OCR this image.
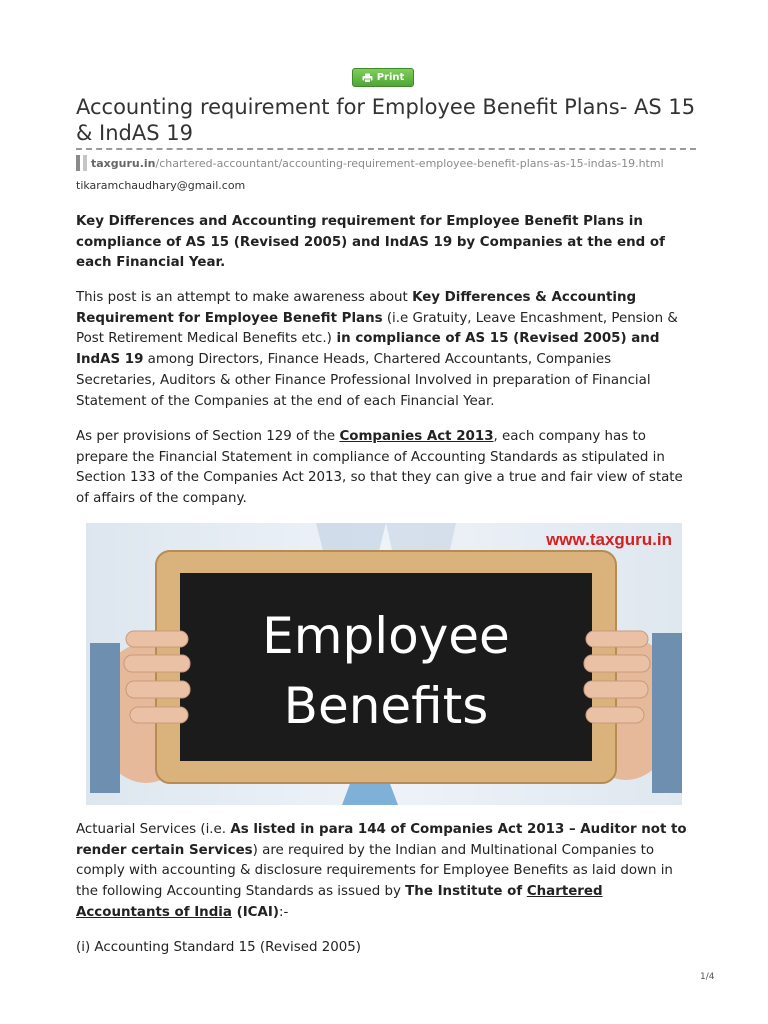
Print
Accounting requirement for Employee Benefit Plans- AS 15 & IndAS 19
taxguru.in /chartered-accountant/accounting-requirement-employee-benefit-plans-as-15-indas-19.html
tikaramchaudhary@gmail.com

Key Differences and Accounting requirement for Employee Benefit Plans in compliance of AS 15 (Revised 2005) and IndAS 19 by Companies at the end of each Financial Year.

This post is an attempt to make awareness about Key Differences & Accounting Requirement for Employee Benefit Plans (i.e Gratuity, Leave Encashment, Pension & Post Retirement Medical Benefits etc.) in compliance of AS 15 (Revised 2005) and IndAS 19 among Directors, Finance Heads, Chartered Accountants, Companies Secretaries, Auditors & other Finance Professional Involved in preparation of Financial Statement of the Companies at the end of each Financial Year.

As per provisions of Section 129 of the Companies Act 2013, each company has to prepare the Financial Statement in compliance of Accounting Standards as stipulated in Section 133 of the Companies Act 2013, so that they can give a true and fair view of state of affairs of the company.

www.taxguru.in
Employee
Benefits

Actuarial Services (i.e. As listed in para 144 of Companies Act 2013 – Auditor not to render certain Services) are required by the Indian and Multinational Companies to comply with accounting & disclosure requirements for Employee Benefits as laid down in the following Accounting Standards as issued by The Institute of Chartered Accountants of India (ICAI):-

(i) Accounting Standard 15 (Revised 2005)

1/4
